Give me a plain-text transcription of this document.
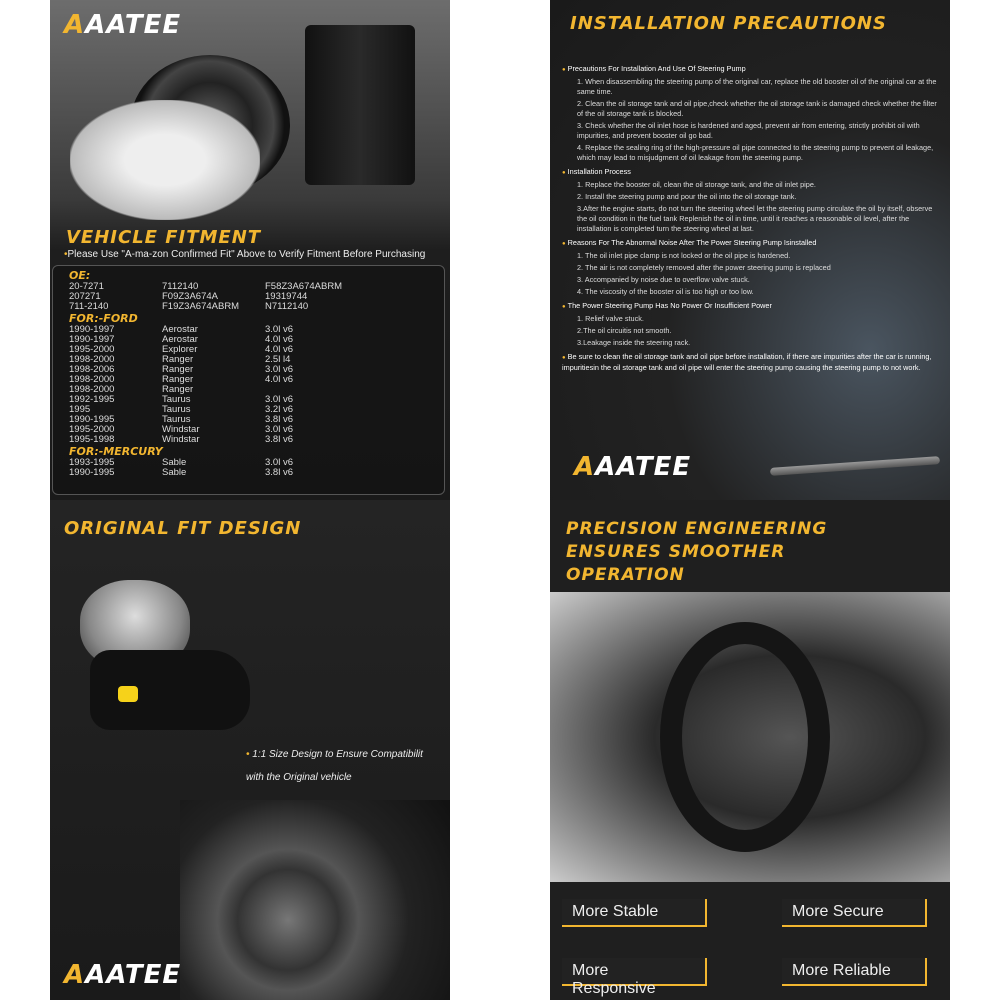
AAATEE
VEHICLE FITMENT
•Please Use "A-ma-zon Confirmed Fit" Above to Verify Fitment Before Purchasing
OE:
20-7271	7112140	F58Z3A674ABRM
207271	F09Z3A674A	19319744
711-2140	F19Z3A674ABRM	N7112140
FOR:-FORD
1990-1997	Aerostar	3.0l v6
1990-1997	Aerostar	4.0l v6
1995-2000	Explorer	4.0l v6
1998-2000	Ranger	2.5l l4
1998-2006	Ranger	3.0l v6
1998-2000	Ranger	4.0l v6
1998-2000	Ranger
1992-1995	Taurus	3.0l v6
1995	Taurus	3.2l v6
1990-1995	Taurus	3.8l v6
1995-2000	Windstar	3.0l v6
1995-1998	Windstar	3.8l v6
FOR:-MERCURY
1993-1995	Sable	3.0l v6
1990-1995	Sable	3.8l v6
INSTALLATION PRECAUTIONS
● Precautions For Installation And Use Of Steering Pump
1. When disassembling the steering pump of the original car, replace the old booster oil of the original car at the same time.
2. Clean the oil storage tank and oil pipe,check whether the oil storage tank is damaged check whether the filter of the oil storage tank is blocked.
3. Check whether the oil inlet hose is hardened and aged, prevent air from entering, strictly prohibit oil with impurities, and prevent booster oil go bad.
4. Replace the sealing ring of the high-pressure oil pipe connected to the steering pump to prevent oil leakage, which may lead to misjudgment of oil leakage from the steering pump.
● Installation Process
1. Replace the booster oil, clean the oil storage tank, and the oil inlet pipe.
2. Install the steering pump and pour the oil into the oil storage tank.
3.After the engine starts, do not turn the steering wheel let the steering pump circulate the oil by itself, observe the oil condition in the fuel tank Replenish the oil in time, until it reaches a reasonable oil level, after the installation is completed turn the steering wheel at last.
● Reasons For The Abnormal Noise After The Power Steering Pump Isinstalled
1. The oil inlet pipe clamp is not locked or the oil pipe is hardened.
2. The air is not completely removed after the power steering pump is replaced
3. Accompanied by noise due to overflow valve stuck.
4. The viscosity of the booster oil is too high or too low.
● The Power Steering Pump Has No Power Or Insufficient Power
1. Relief valve stuck.
2.The oil circuitis not smooth.
3.Leakage inside the steering rack.
● Be sure to clean the oil storage tank and oil pipe before installation, if there are impurities after the car is running, impuritiesin the oil storage tank and oil pipe will enter the steering pump causing the steering pump to not work.
AAATEE
ORIGINAL FIT DESIGN
• 1:1 Size Design to Ensure Compatibilit
with the Original vehicle
AAATEE
PRECISION ENGINEERING
ENSURES SMOOTHER
OPERATION
More Stable	More Secure
More Responsive
More Reliable
